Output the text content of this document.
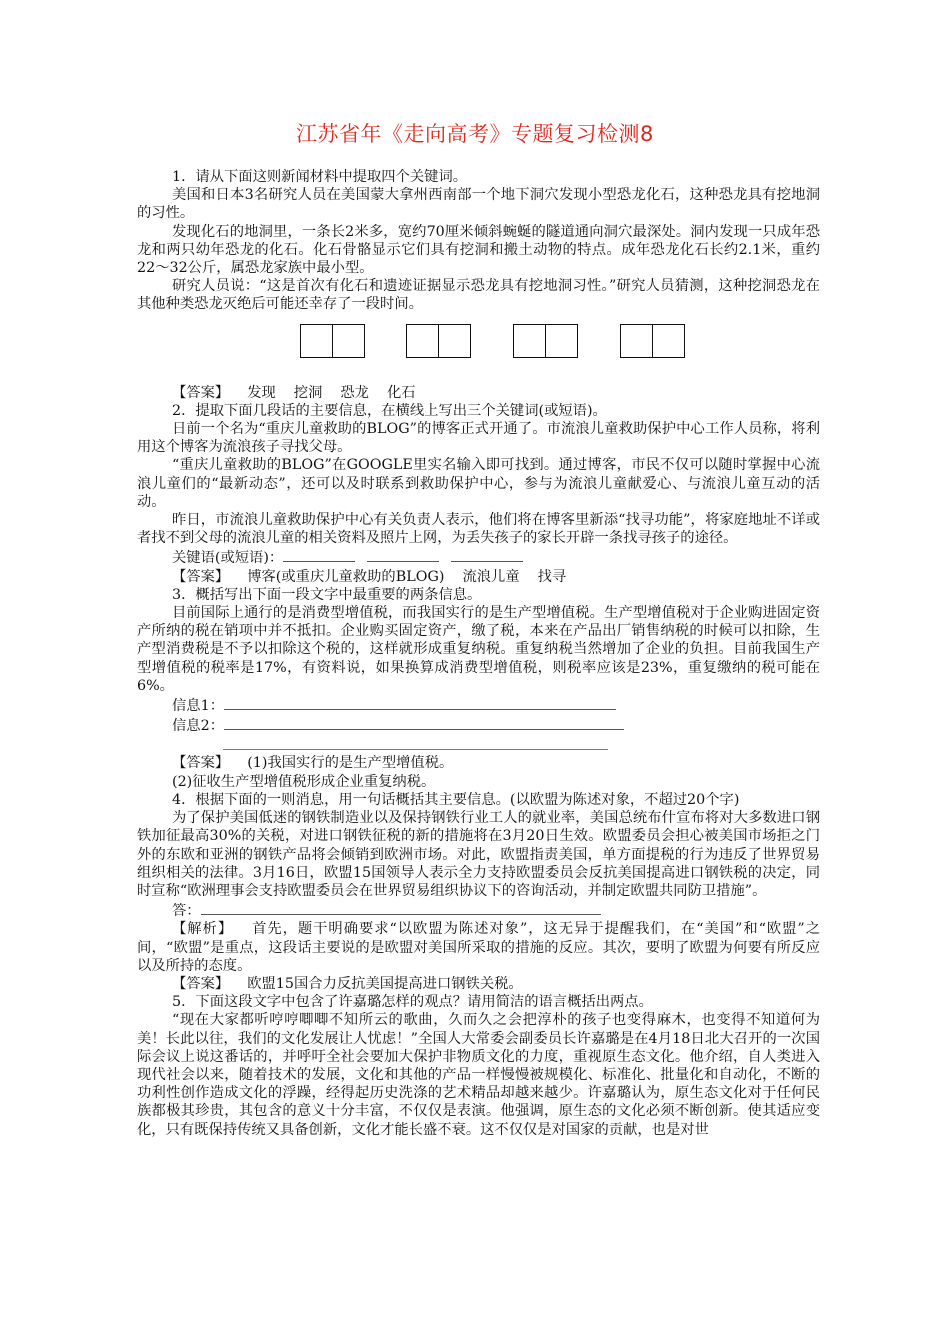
江苏省年《走向高考》专题复习检测8

1．请从下面这则新闻材料中提取四个关键词。

美国和日本3名研究人员在美国蒙大拿州西南部一个地下洞穴发现小型恐龙化石，这种恐龙具有挖地洞的习性。

发现化石的地洞里，一条长2米多，宽约70厘米倾斜蜿蜒的隧道通向洞穴最深处。洞内发现一只成年恐龙和两只幼年恐龙的化石。化石骨骼显示它们具有挖洞和搬土动物的特点。成年恐龙化石长约2.1米，重约22～32公斤，属恐龙家族中最小型。

研究人员说：“这是首次有化石和遗迹证据显示恐龙具有挖地洞习性。”研究人员猜测，这种挖洞恐龙在其他种类恐龙灭绝后可能还幸存了一段时间。

【答案】 发现 挖洞 恐龙 化石

2．提取下面几段话的主要信息，在横线上写出三个关键词(或短语)。

日前一个名为“重庆儿童救助的BLOG”的博客正式开通了。市流浪儿童救助保护中心工作人员称，将利用这个博客为流浪孩子寻找父母。

“重庆儿童救助的BLOG”在GOOGLE里实名输入即可找到。通过博客，市民不仅可以随时掌握中心流浪儿童们的“最新动态”，还可以及时联系到救助保护中心，参与为流浪儿童献爱心、与流浪儿童互动的活动。

昨日，市流浪儿童救助保护中心有关负责人表示，他们将在博客里新添“找寻功能”，将家庭地址不详或者找不到父母的流浪儿童的相关资料及照片上网，为丢失孩子的家长开辟一条找寻孩子的途径。

关键语(或短语)：

【答案】 博客(或重庆儿童救助的BLOG) 流浪儿童 找寻

3．概括写出下面一段文字中最重要的两条信息。

目前国际上通行的是消费型增值税，而我国实行的是生产型增值税。生产型增值税对于企业购进固定资产所纳的税在销项中并不抵扣。企业购买固定资产，缴了税，本来在产品出厂销售纳税的时候可以扣除，生产型消费税是不予以扣除这个税的，这样就形成重复纳税。重复纳税当然增加了企业的负担。目前我国生产型增值税的税率是17%，有资料说，如果换算成消费型增值税，则税率应该是23%，重复缴纳的税可能在6%。

信息1：

信息2：

【答案】 (1)我国实行的是生产型增值税。

(2)征收生产型增值税形成企业重复纳税。

4．根据下面的一则消息，用一句话概括其主要信息。(以欧盟为陈述对象，不超过20个字)

为了保护美国低迷的钢铁制造业以及保持钢铁行业工人的就业率，美国总统布什宣布将对大多数进口钢铁加征最高30%的关税，对进口钢铁征税的新的措施将在3月20日生效。欧盟委员会担心被美国市场拒之门外的东欧和亚洲的钢铁产品将会倾销到欧洲市场。对此，欧盟指责美国，单方面提税的行为违反了世界贸易组织相关的法律。3月16日，欧盟15国领导人表示全力支持欧盟委员会反抗美国提高进口钢铁税的决定，同时宣称“欧洲理事会支持欧盟委员会在世界贸易组织协议下的咨询活动，并制定欧盟共同防卫措施”。

答：

【解析】 首先，题干明确要求“以欧盟为陈述对象”，这无异于提醒我们，在“美国”和“欧盟”之间，“欧盟”是重点，这段话主要说的是欧盟对美国所采取的措施的反应。其次，要明了欧盟为何要有所反应以及所持的态度。

【答案】 欧盟15国合力反抗美国提高进口钢铁关税。

5．下面这段文字中包含了许嘉璐怎样的观点？请用简洁的语言概括出两点。

“现在大家都听哼哼唧唧不知所云的歌曲，久而久之会把淳朴的孩子也变得麻木，也变得不知道何为美！长此以往，我们的文化发展让人忧虑！”全国人大常委会副委员长许嘉璐是在4月18日北大召开的一次国际会议上说这番话的，并呼吁全社会要加大保护非物质文化的力度，重视原生态文化。他介绍，自人类进入现代社会以来，随着技术的发展，文化和其他的产品一样慢慢被规模化、标准化、批量化和自动化，不断的功利性创作造成文化的浮躁，经得起历史洗涤的艺术精品却越来越少。许嘉璐认为，原生态文化对于任何民族都极其珍贵，其包含的意义十分丰富，不仅仅是表演。他强调，原生态的文化必须不断创新。使其适应变化，只有既保持传统又具备创新，文化才能长盛不衰。这不仅仅是对国家的贡献，也是对世
